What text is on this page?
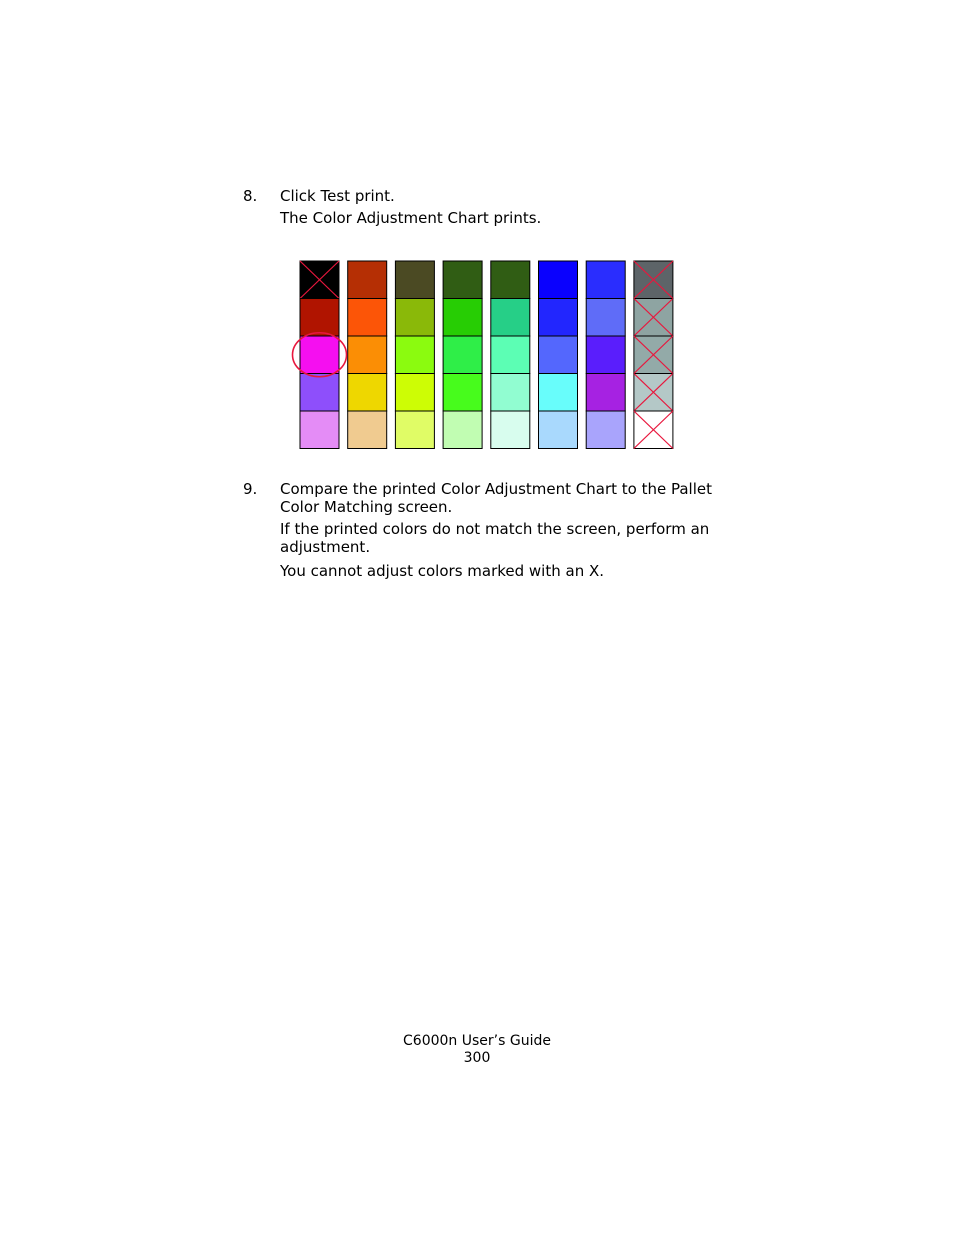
8. Click Test print.

The Color Adjustment Chart prints.

9. Compare the printed Color Adjustment Chart to the Pallet Color Matching screen.

If the printed colors do not match the screen, perform an adjustment.

You cannot adjust colors marked with an X.

C6000n User’s Guide
300
